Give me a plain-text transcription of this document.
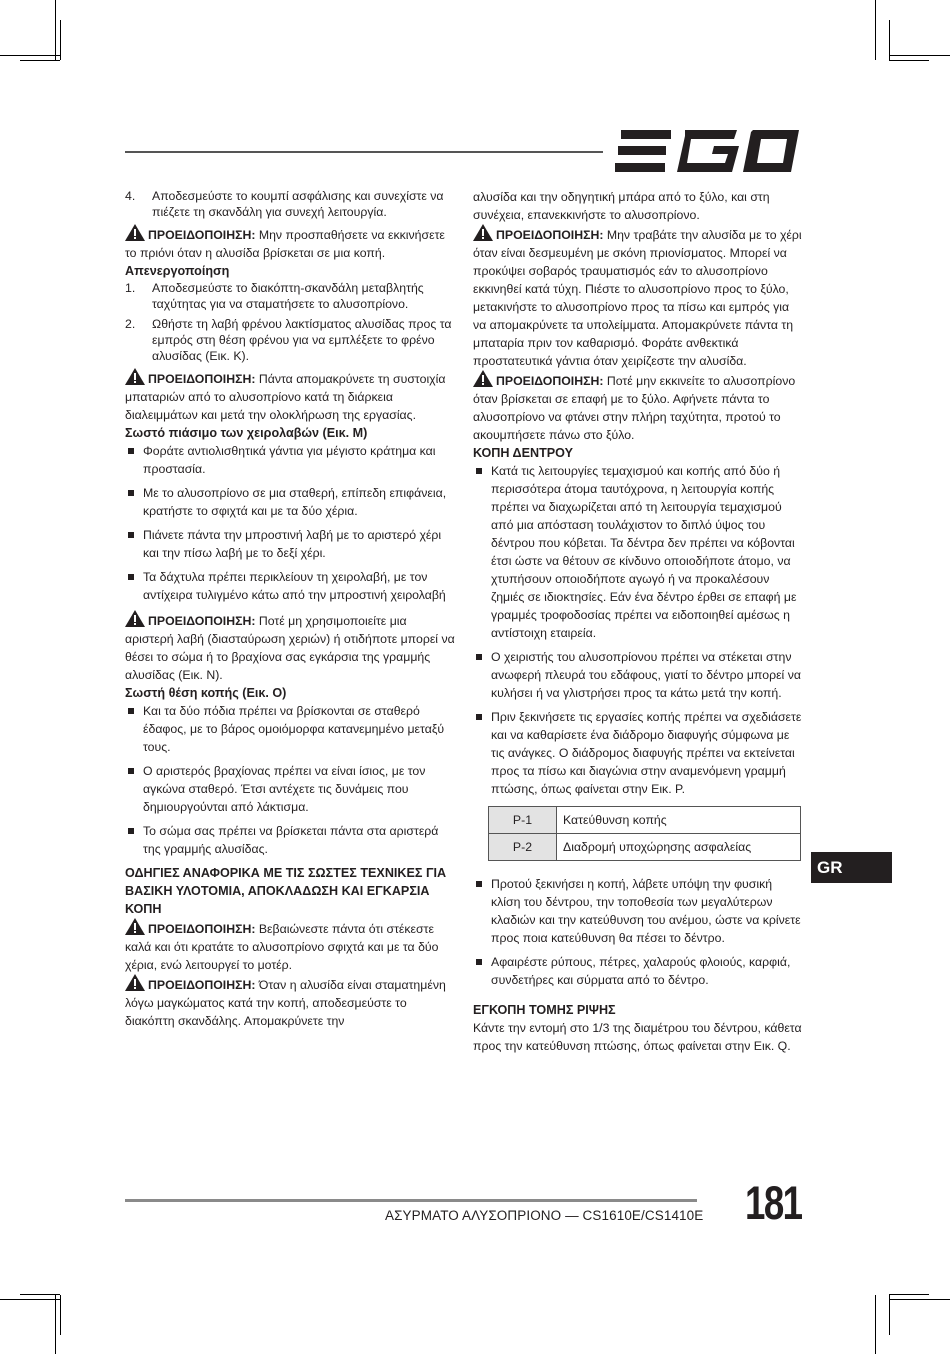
4. Αποδεσμεύστε το κουμπί ασφάλισης και συνεχίστε να πιέζετε τη σκανδάλη για συνεχή λειτουργία.

ΠΡΟΕΙΔΟΠΟΙΗΣΗ: Μην προσπαθήσετε να εκκινήσετε το πριόνι όταν η αλυσίδα βρίσκεται σε μια κοπή.

Απενεργοποίηση

1. Αποδεσμεύστε το διακόπτη-σκανδάλη μεταβλητής ταχύτητας για να σταματήσετε το αλυσοπρίονο.
2. Ωθήστε τη λαβή φρένου λακτίσματος αλυσίδας προς τα εμπρός στη θέση φρένου για να εμπλέξετε το φρένο αλυσίδας (Εικ. Κ).

ΠΡΟΕΙΔΟΠΟΙΗΣΗ: Πάντα απομακρύνετε τη συστοιχία μπαταριών από το αλυσοπρίονο κατά τη διάρκεια διαλειμμάτων και μετά την ολοκλήρωση της εργασίας.

Σωστό πιάσιμο των χειρολαβών (Εικ. Μ)

Φοράτε αντιολισθητικά γάντια για μέγιστο κράτημα και προστασία.
Με το αλυσοπρίονο σε μια σταθερή, επίπεδη επιφάνεια, κρατήστε το σφιχτά και με τα δύο χέρια.
Πιάνετε πάντα την μπροστινή λαβή με το αριστερό χέρι και την πίσω λαβή με το δεξί χέρι.
Τα δάχτυλα πρέπει περικλείουν τη χειρολαβή, με τον αντίχειρα τυλιγμένο κάτω από την μπροστινή χειρολαβή

ΠΡΟΕΙΔΟΠΟΙΗΣΗ: Ποτέ μη χρησιμοποιείτε μια αριστερή λαβή (διασταύρωση χεριών) ή οτιδήποτε μπορεί να θέσει το σώμα ή το βραχίονα σας εγκάρσια της γραμμής αλυσίδας (Εικ. Ν).

Σωστή θέση κοπής (Εικ. Ο)

Και τα δύο πόδια πρέπει να βρίσκονται σε σταθερό έδαφος, με το βάρος ομοιόμορφα κατανεμημένο μεταξύ τους.
Ο αριστερός βραχίονας πρέπει να είναι ίσιος, με τον αγκώνα σταθερό. Έτσι αντέχετε τις δυνάμεις που δημιουργούνται από λάκτισμα.
Το σώμα σας πρέπει να βρίσκεται πάντα στα αριστερά της γραμμής αλυσίδας.

ΟΔΗΓΙΕΣ ΑΝΑΦΟΡΙΚΑ ΜΕ ΤΙΣ ΣΩΣΤΕΣ ΤΕΧΝΙΚΕΣ ΓΙΑ ΒΑΣΙΚΗ ΥΛΟΤΟΜΙΑ, ΑΠΟΚΛΑΔΩΣΗ ΚΑΙ ΕΓΚΑΡΣΙΑ ΚΟΠΗ

ΠΡΟΕΙΔΟΠΟΙΗΣΗ: Βεβαιώνεστε πάντα ότι στέκεστε καλά και ότι κρατάτε το αλυσοπρίονο σφιχτά και με τα δύο χέρια, ενώ λειτουργεί το μοτέρ.

ΠΡΟΕΙΔΟΠΟΙΗΣΗ: Όταν η αλυσίδα είναι σταματημένη λόγω μαγκώματος κατά την κοπή, αποδεσμεύστε το διακόπτη σκανδάλης. Απομακρύνετε την

αλυσίδα και την οδηγητική μπάρα από το ξύλο, και στη συνέχεια, επανεκκινήστε το αλυσοπρίονο.

ΠΡΟΕΙΔΟΠΟΙΗΣΗ: Μην τραβάτε την αλυσίδα με το χέρι όταν είναι δεσμευμένη με σκόνη πριονίσματος. Μπορεί να προκύψει σοβαρός τραυματισμός εάν το αλυσοπρίονο εκκινηθεί κατά τύχη. Πιέστε το αλυσοπρίονο προς το ξύλο, μετακινήστε το αλυσοπρίονο προς τα πίσω και εμπρός για να απομακρύνετε τα υπολείμματα. Απομακρύνετε πάντα τη μπαταρία πριν τον καθαρισμό. Φοράτε ανθεκτικά προστατευτικά γάντια όταν χειρίζεστε την αλυσίδα.

ΠΡΟΕΙΔΟΠΟΙΗΣΗ: Ποτέ μην εκκινείτε το αλυσοπρίονο όταν βρίσκεται σε επαφή με το ξύλο. Αφήνετε πάντα το αλυσοπρίονο να φτάνει στην πλήρη ταχύτητα, προτού το ακουμπήσετε πάνω στο ξύλο.

ΚΟΠΗ ΔΕΝΤΡΟΥ

Κατά τις λειτουργίες τεμαχισμού και κοπής από δύο ή περισσότερα άτομα ταυτόχρονα, η λειτουργία κοπής πρέπει να διαχωρίζεται από τη λειτουργία τεμαχισμού από μια απόσταση τουλάχιστον το διπλό ύψος του δέντρου που κόβεται. Τα δέντρα δεν πρέπει να κόβονται έτσι ώστε να θέτουν σε κίνδυνο οποιοδήποτε άτομο, να χτυπήσουν οποιοδήποτε αγωγό ή να προκαλέσουν ζημιές σε ιδιοκτησίες. Εάν ένα δέντρο έρθει σε επαφή με γραμμές τροφοδοσίας πρέπει να ειδοποιηθεί αμέσως η αντίστοιχη εταιρεία.
Ο χειριστής του αλυσοπρίονου πρέπει να στέκεται στην ανωφερή πλευρά του εδάφους, γιατί το δέντρο μπορεί να κυλήσει ή να γλιστρήσει προς τα κάτω μετά την κοπή.
Πριν ξεκινήσετε τις εργασίες κοπής πρέπει να σχεδιάσετε και να καθαρίσετε ένα διάδρομο διαφυγής σύμφωνα με τις ανάγκες. Ο διάδρομος διαφυγής πρέπει να εκτείνεται προς τα πίσω και διαγώνια στην αναμενόμενη γραμμή πτώσης, όπως φαίνεται στην Εικ. Ρ.
Ρ-1	Κατεύθυνση κοπής
Ρ-2	Διαδρομή υποχώρησης ασφαλείας
Προτού ξεκινήσει η κοπή, λάβετε υπόψη την φυσική κλίση του δέντρου, την τοποθεσία των μεγαλύτερων κλαδιών και την κατεύθυνση του ανέμου, ώστε να κρίνετε προς ποια κατεύθυνση θα πέσει το δέντρο.
Αφαιρέστε ρύπους, πέτρες, χαλαρούς φλοιούς, καρφιά, συνδετήρες και σύρματα από το δέντρο.

ΕΓΚΟΠΗ ΤΟΜΗΣ ΡΙΨΗΣ

Κάντε την εντομή στο 1/3 της διαμέτρου του δέντρου, κάθετα προς την κατεύθυνση πτώσης, όπως φαίνεται στην Εικ. Q.

GR
ΑΣΥΡΜΑΤΟ ΑΛΥΣΟΠΡΙΟΝΟ — CS1610E/CS1410E 181
